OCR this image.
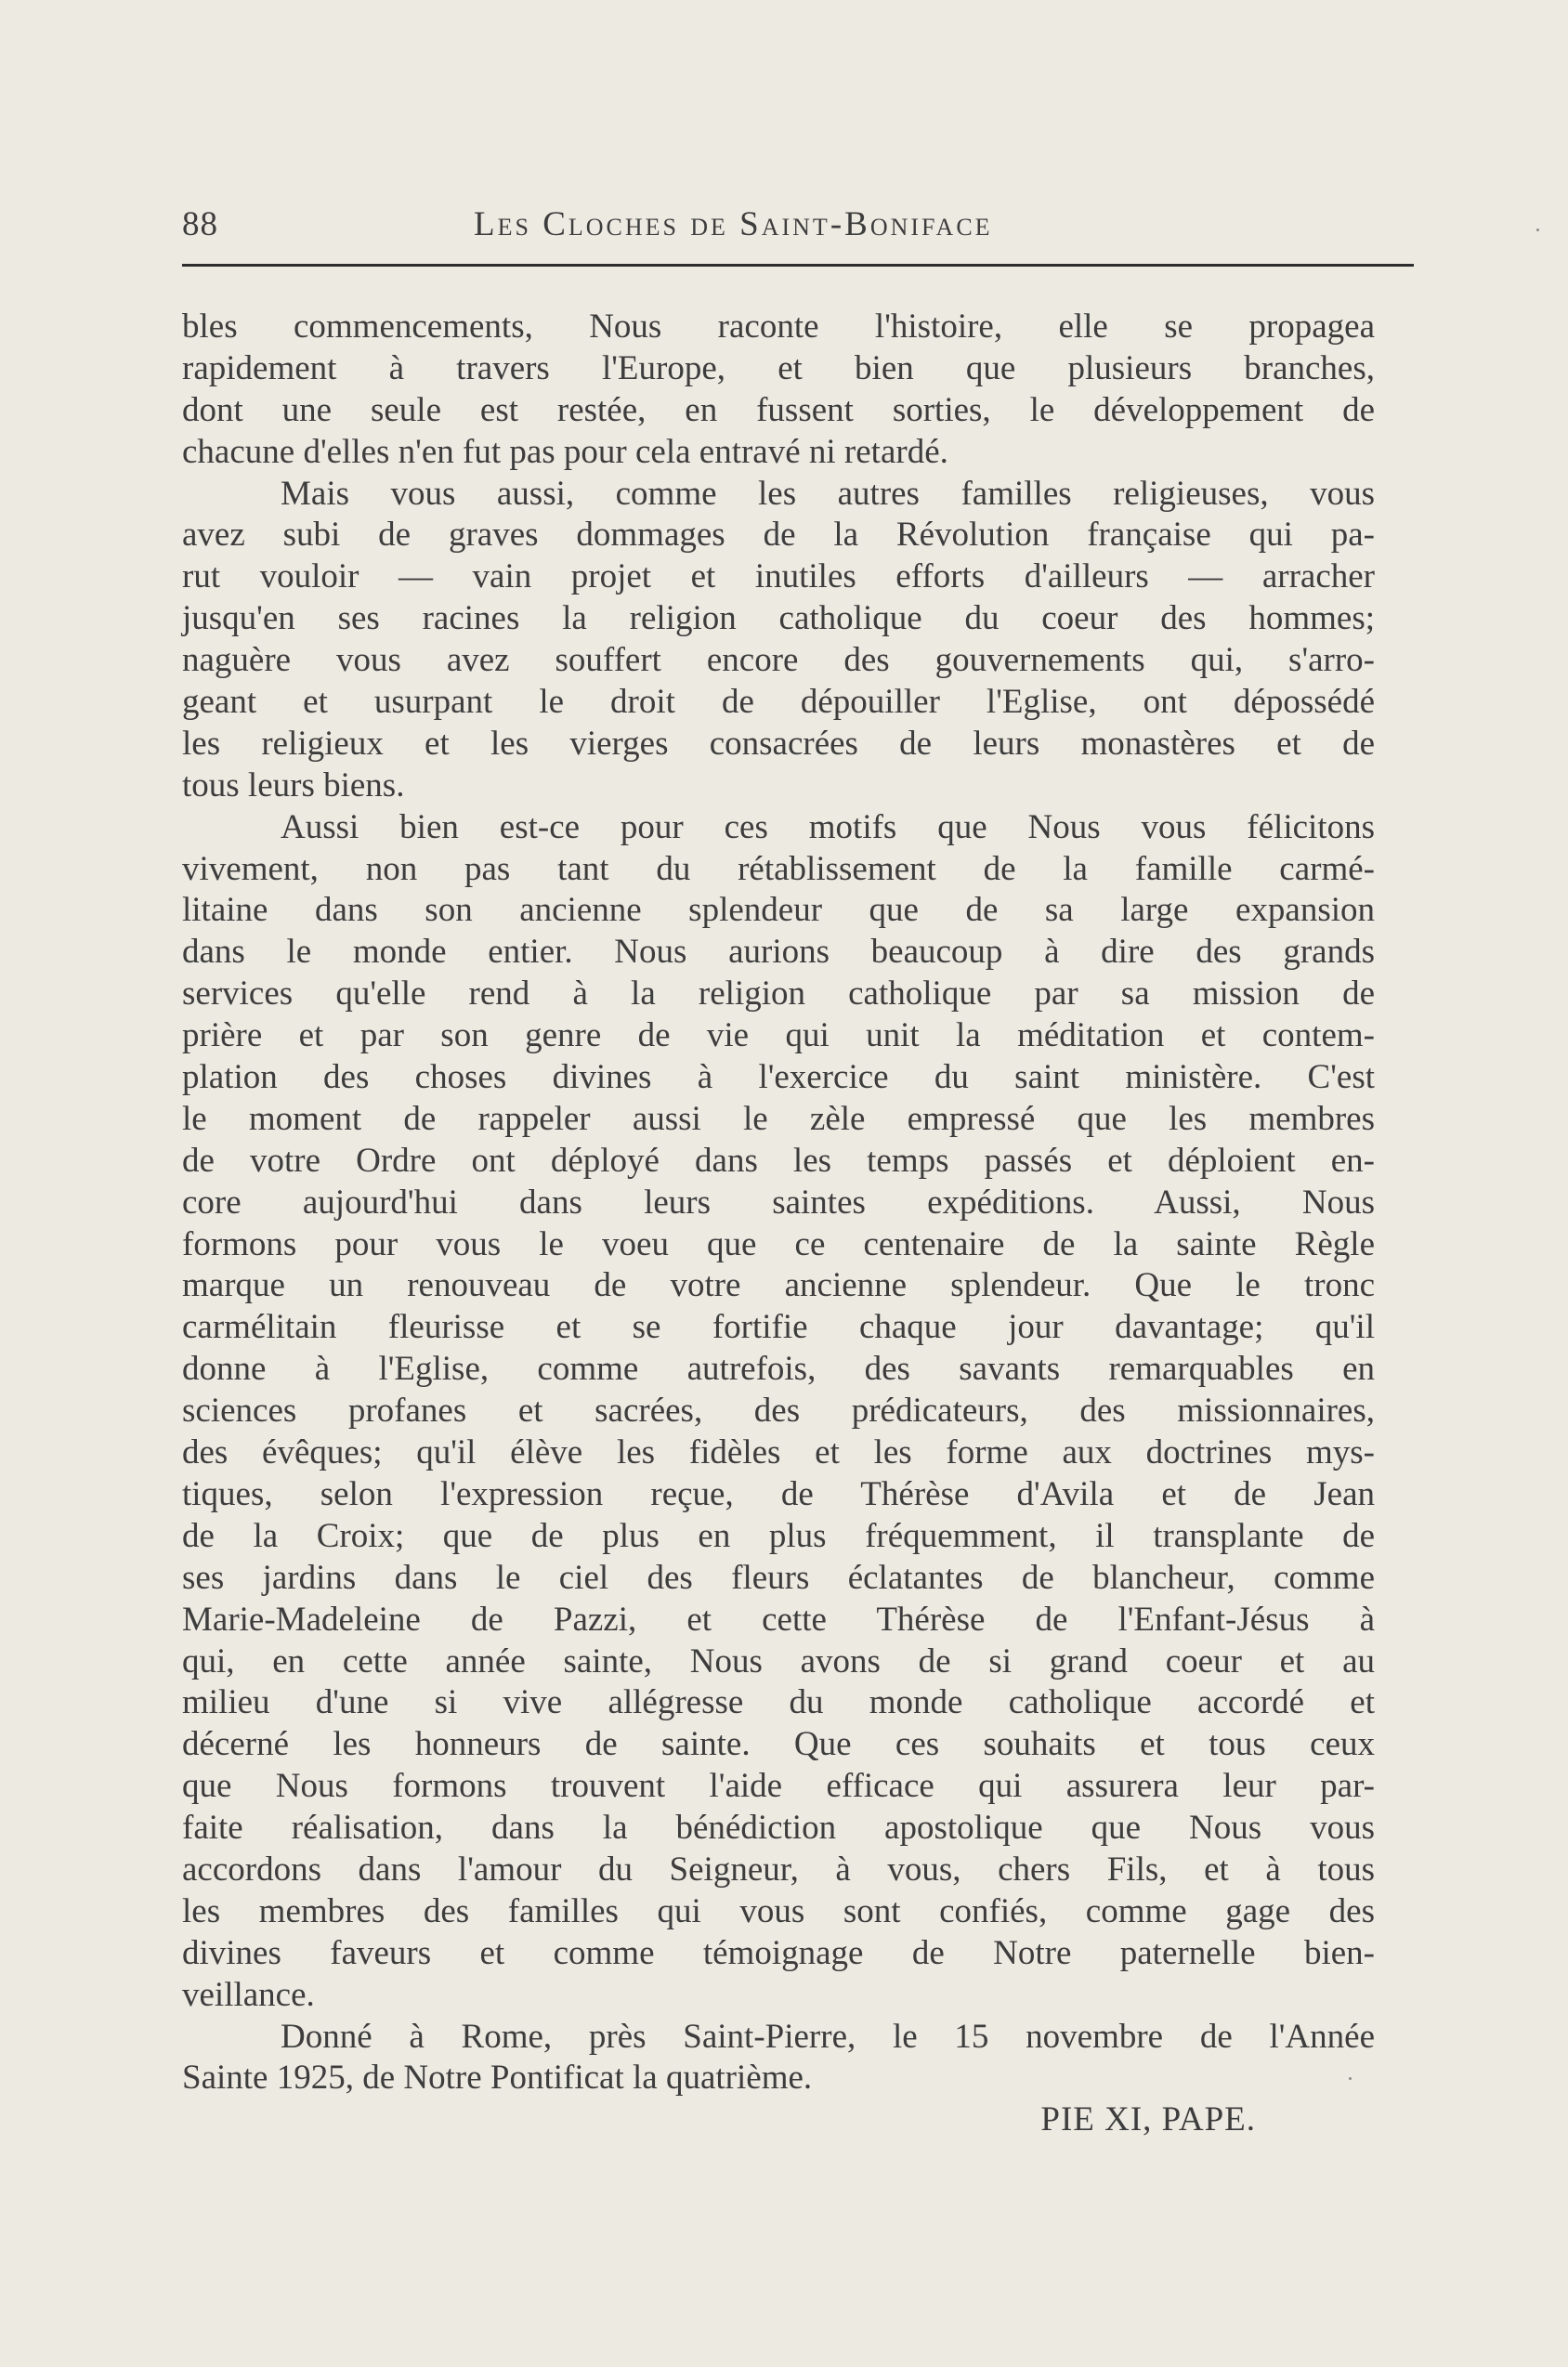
88	Les Cloches de Saint-Boniface
bles commencements, Nous raconte l'histoire, elle se propagea
rapidement à travers l'Europe, et bien que plusieurs branches,
dont une seule est restée, en fussent sorties, le développement de
chacune d'elles n'en fut pas pour cela entravé ni retardé.
Mais vous aussi, comme les autres familles religieuses, vous
avez subi de graves dommages de la Révolution française qui pa-
rut vouloir — vain projet et inutiles efforts d'ailleurs — arracher
jusqu'en ses racines la religion catholique du coeur des hommes;
naguère vous avez souffert encore des gouvernements qui, s'arro-
geant et usurpant le droit de dépouiller l'Eglise, ont dépossédé
les religieux et les vierges consacrées de leurs monastères et de
tous leurs biens.
Aussi bien est-ce pour ces motifs que Nous vous félicitons
vivement, non pas tant du rétablissement de la famille carmé-
litaine dans son ancienne splendeur que de sa large expansion
dans le monde entier. Nous aurions beaucoup à dire des grands
services qu'elle rend à la religion catholique par sa mission de
prière et par son genre de vie qui unit la méditation et contem-
plation des choses divines à l'exercice du saint ministère. C'est
le moment de rappeler aussi le zèle empressé que les membres
de votre Ordre ont déployé dans les temps passés et déploient en-
core aujourd'hui dans leurs saintes expéditions. Aussi, Nous
formons pour vous le voeu que ce centenaire de la sainte Règle
marque un renouveau de votre ancienne splendeur. Que le tronc
carmélitain fleurisse et se fortifie chaque jour davantage; qu'il
donne à l'Eglise, comme autrefois, des savants remarquables en
sciences profanes et sacrées, des prédicateurs, des missionnaires,
des évêques; qu'il élève les fidèles et les forme aux doctrines mys-
tiques, selon l'expression reçue, de Thérèse d'Avila et de Jean
de la Croix; que de plus en plus fréquemment, il transplante de
ses jardins dans le ciel des fleurs éclatantes de blancheur, comme
Marie-Madeleine de Pazzi, et cette Thérèse de l'Enfant-Jésus à
qui, en cette année sainte, Nous avons de si grand coeur et au
milieu d'une si vive allégresse du monde catholique accordé et
décerné les honneurs de sainte. Que ces souhaits et tous ceux
que Nous formons trouvent l'aide efficace qui assurera leur par-
faite réalisation, dans la bénédiction apostolique que Nous vous
accordons dans l'amour du Seigneur, à vous, chers Fils, et à tous
les membres des familles qui vous sont confiés, comme gage des
divines faveurs et comme témoignage de Notre paternelle bien-
veillance.
Donné à Rome, près Saint-Pierre, le 15 novembre de l'Année
Sainte 1925, de Notre Pontificat la quatrième.
PIE XI, PAPE.
